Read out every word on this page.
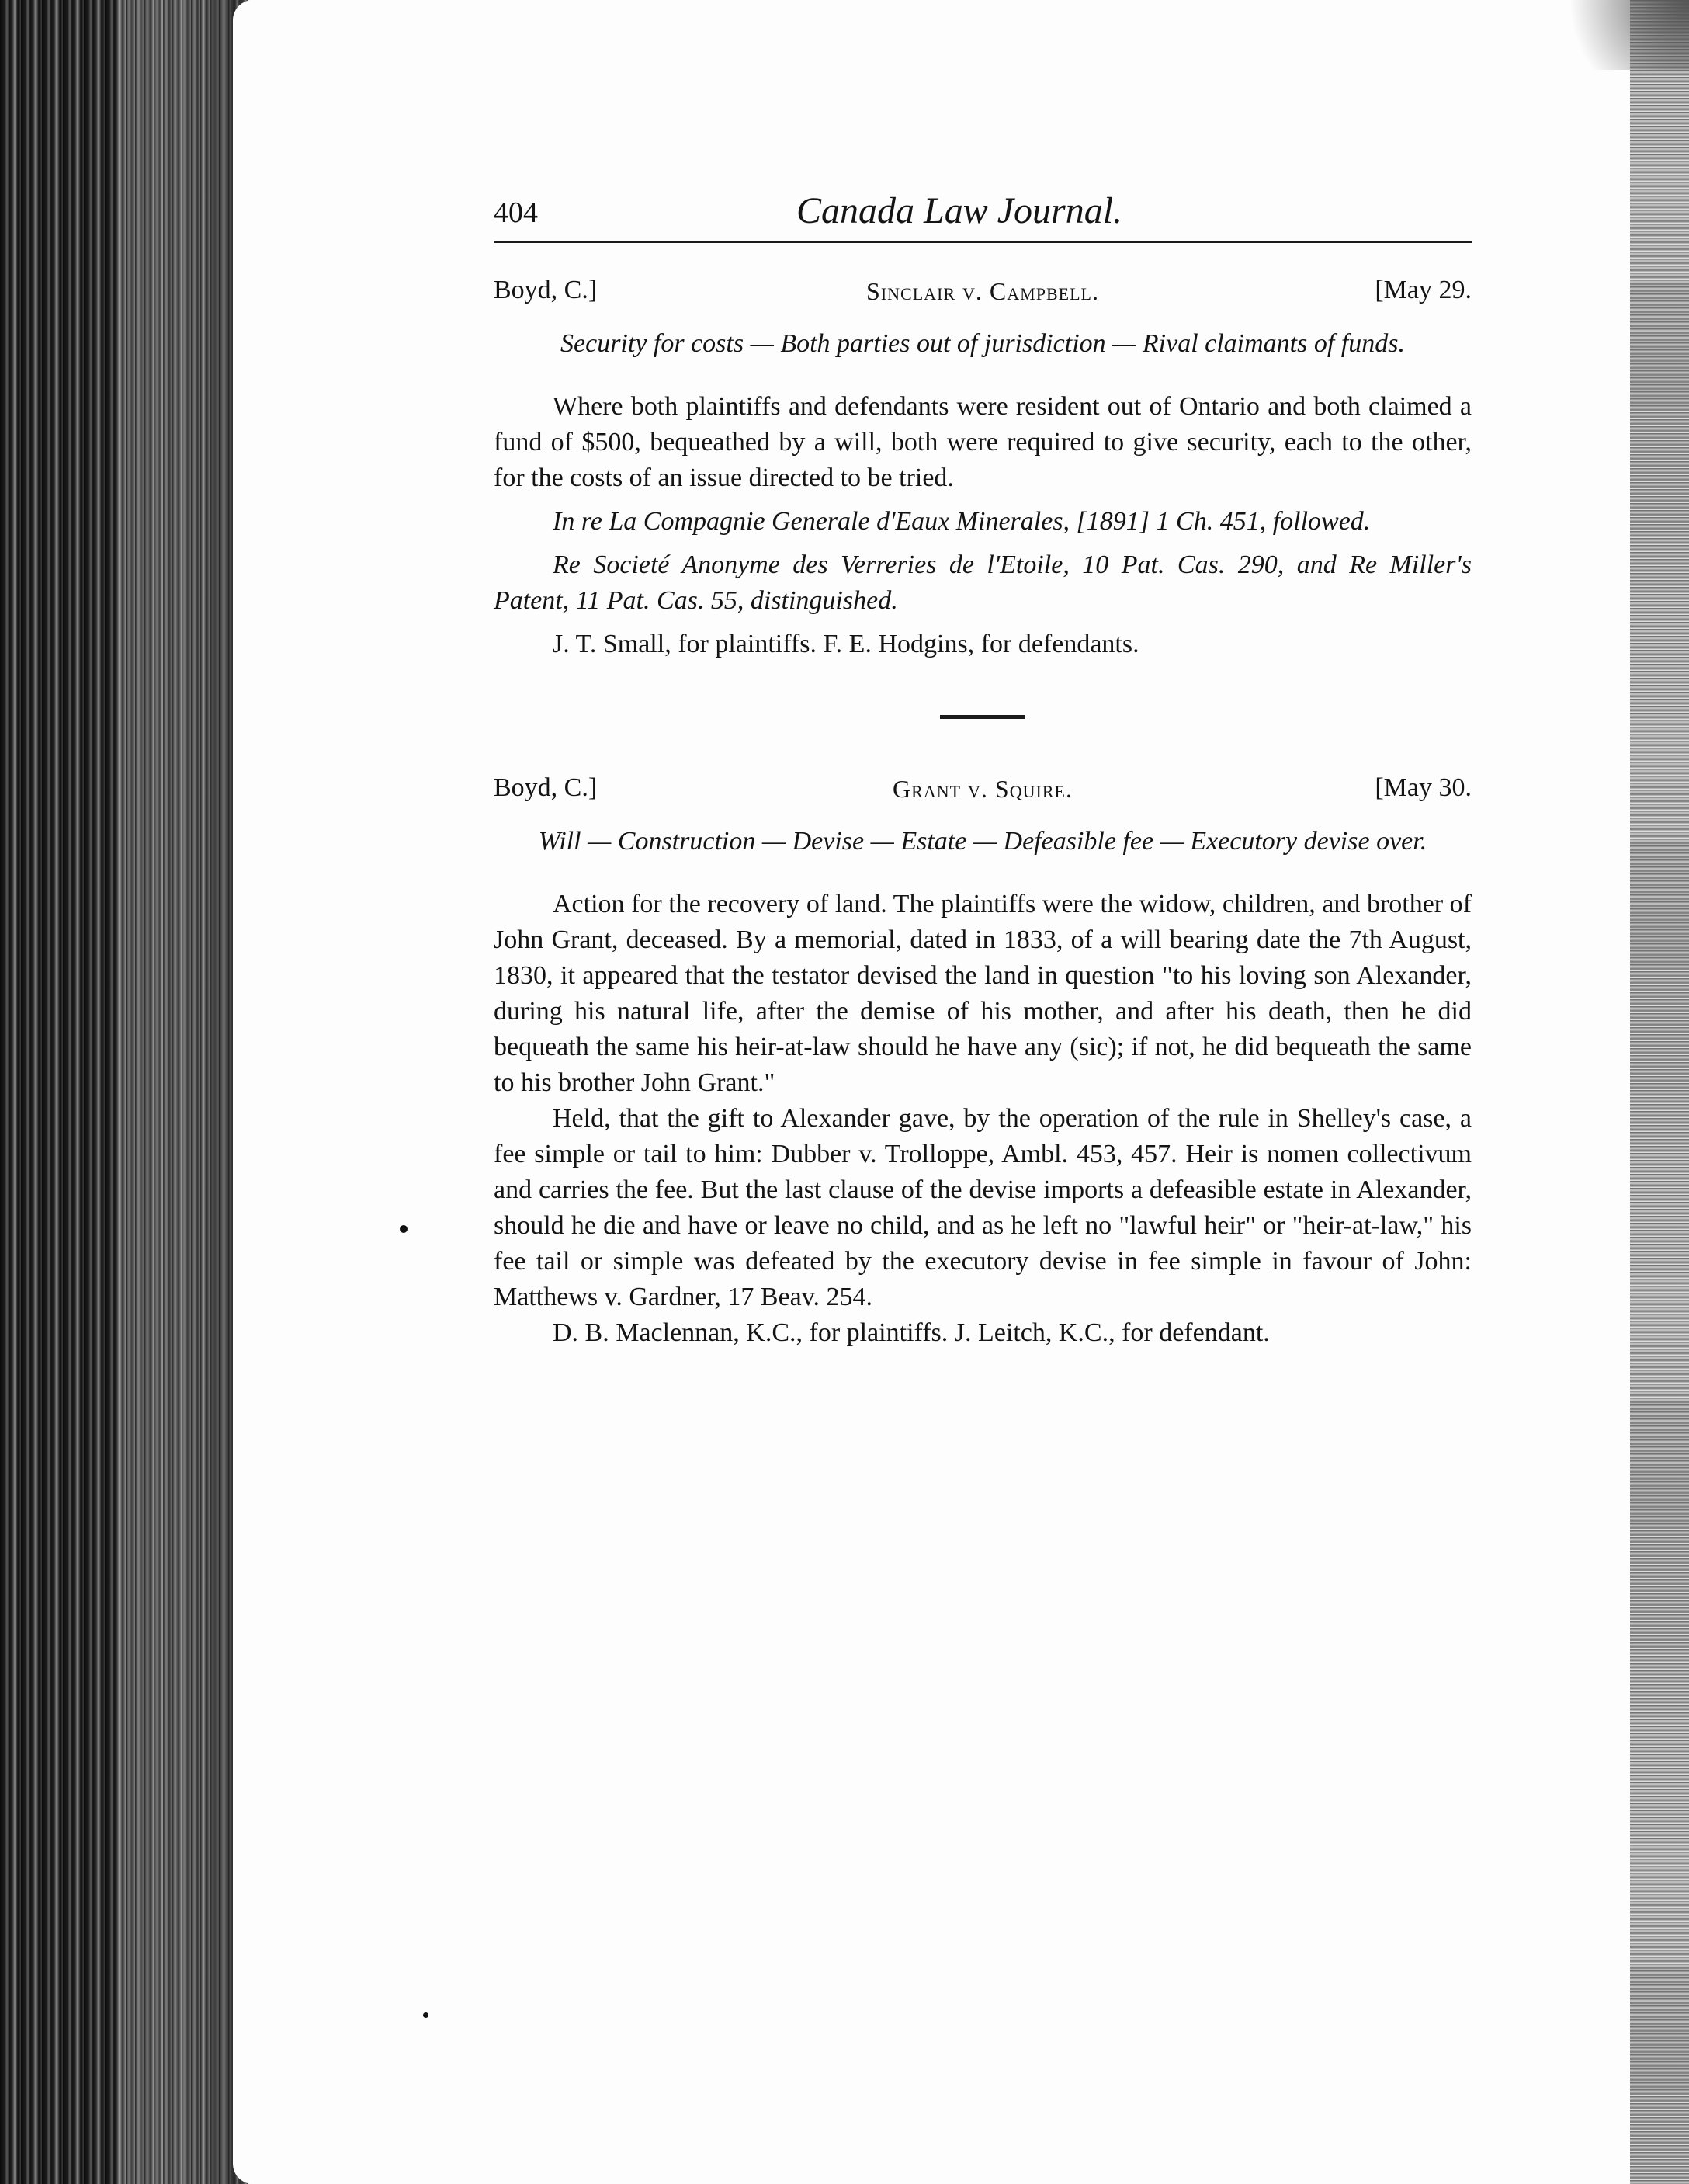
404	Canada Law Journal.
Boyd, C.]	Sinclair v. Campbell.	[May 29.
Security for costs — Both parties out of jurisdiction — Rival claimants of funds.

Where both plaintiffs and defendants were resident out of Ontario and both claimed a fund of $500, bequeathed by a will, both were required to give security, each to the other, for the costs of an issue directed to be tried.

In re La Compagnie Generale d'Eaux Minerales, [1891] 1 Ch. 451, followed.

Re Societé Anonyme des Verreries de l'Etoile, 10 Pat. Cas. 290, and Re Miller's Patent, 11 Pat. Cas. 55, distinguished.

J. T. Small, for plaintiffs. F. E. Hodgins, for defendants.

Boyd, C.]	Grant v. Squire.	[May 30.
Will — Construction — Devise — Estate — Defeasible fee — Executory devise over.

Action for the recovery of land. The plaintiffs were the widow, children, and brother of John Grant, deceased. By a memorial, dated in 1833, of a will bearing date the 7th August, 1830, it appeared that the testator devised the land in question "to his loving son Alexander, during his natural life, after the demise of his mother, and after his death, then he did bequeath the same his heir-at-law should he have any (sic); if not, he did bequeath the same to his brother John Grant."

Held, that the gift to Alexander gave, by the operation of the rule in Shelley's case, a fee simple or tail to him: Dubber v. Trolloppe, Ambl. 453, 457. Heir is nomen collectivum and carries the fee. But the last clause of the devise imports a defeasible estate in Alexander, should he die and have or leave no child, and as he left no "lawful heir" or "heir-at-law," his fee tail or simple was defeated by the executory devise in fee simple in favour of John: Matthews v. Gardner, 17 Beav. 254.

D. B. Maclennan, K.C., for plaintiffs. J. Leitch, K.C., for defendant.
